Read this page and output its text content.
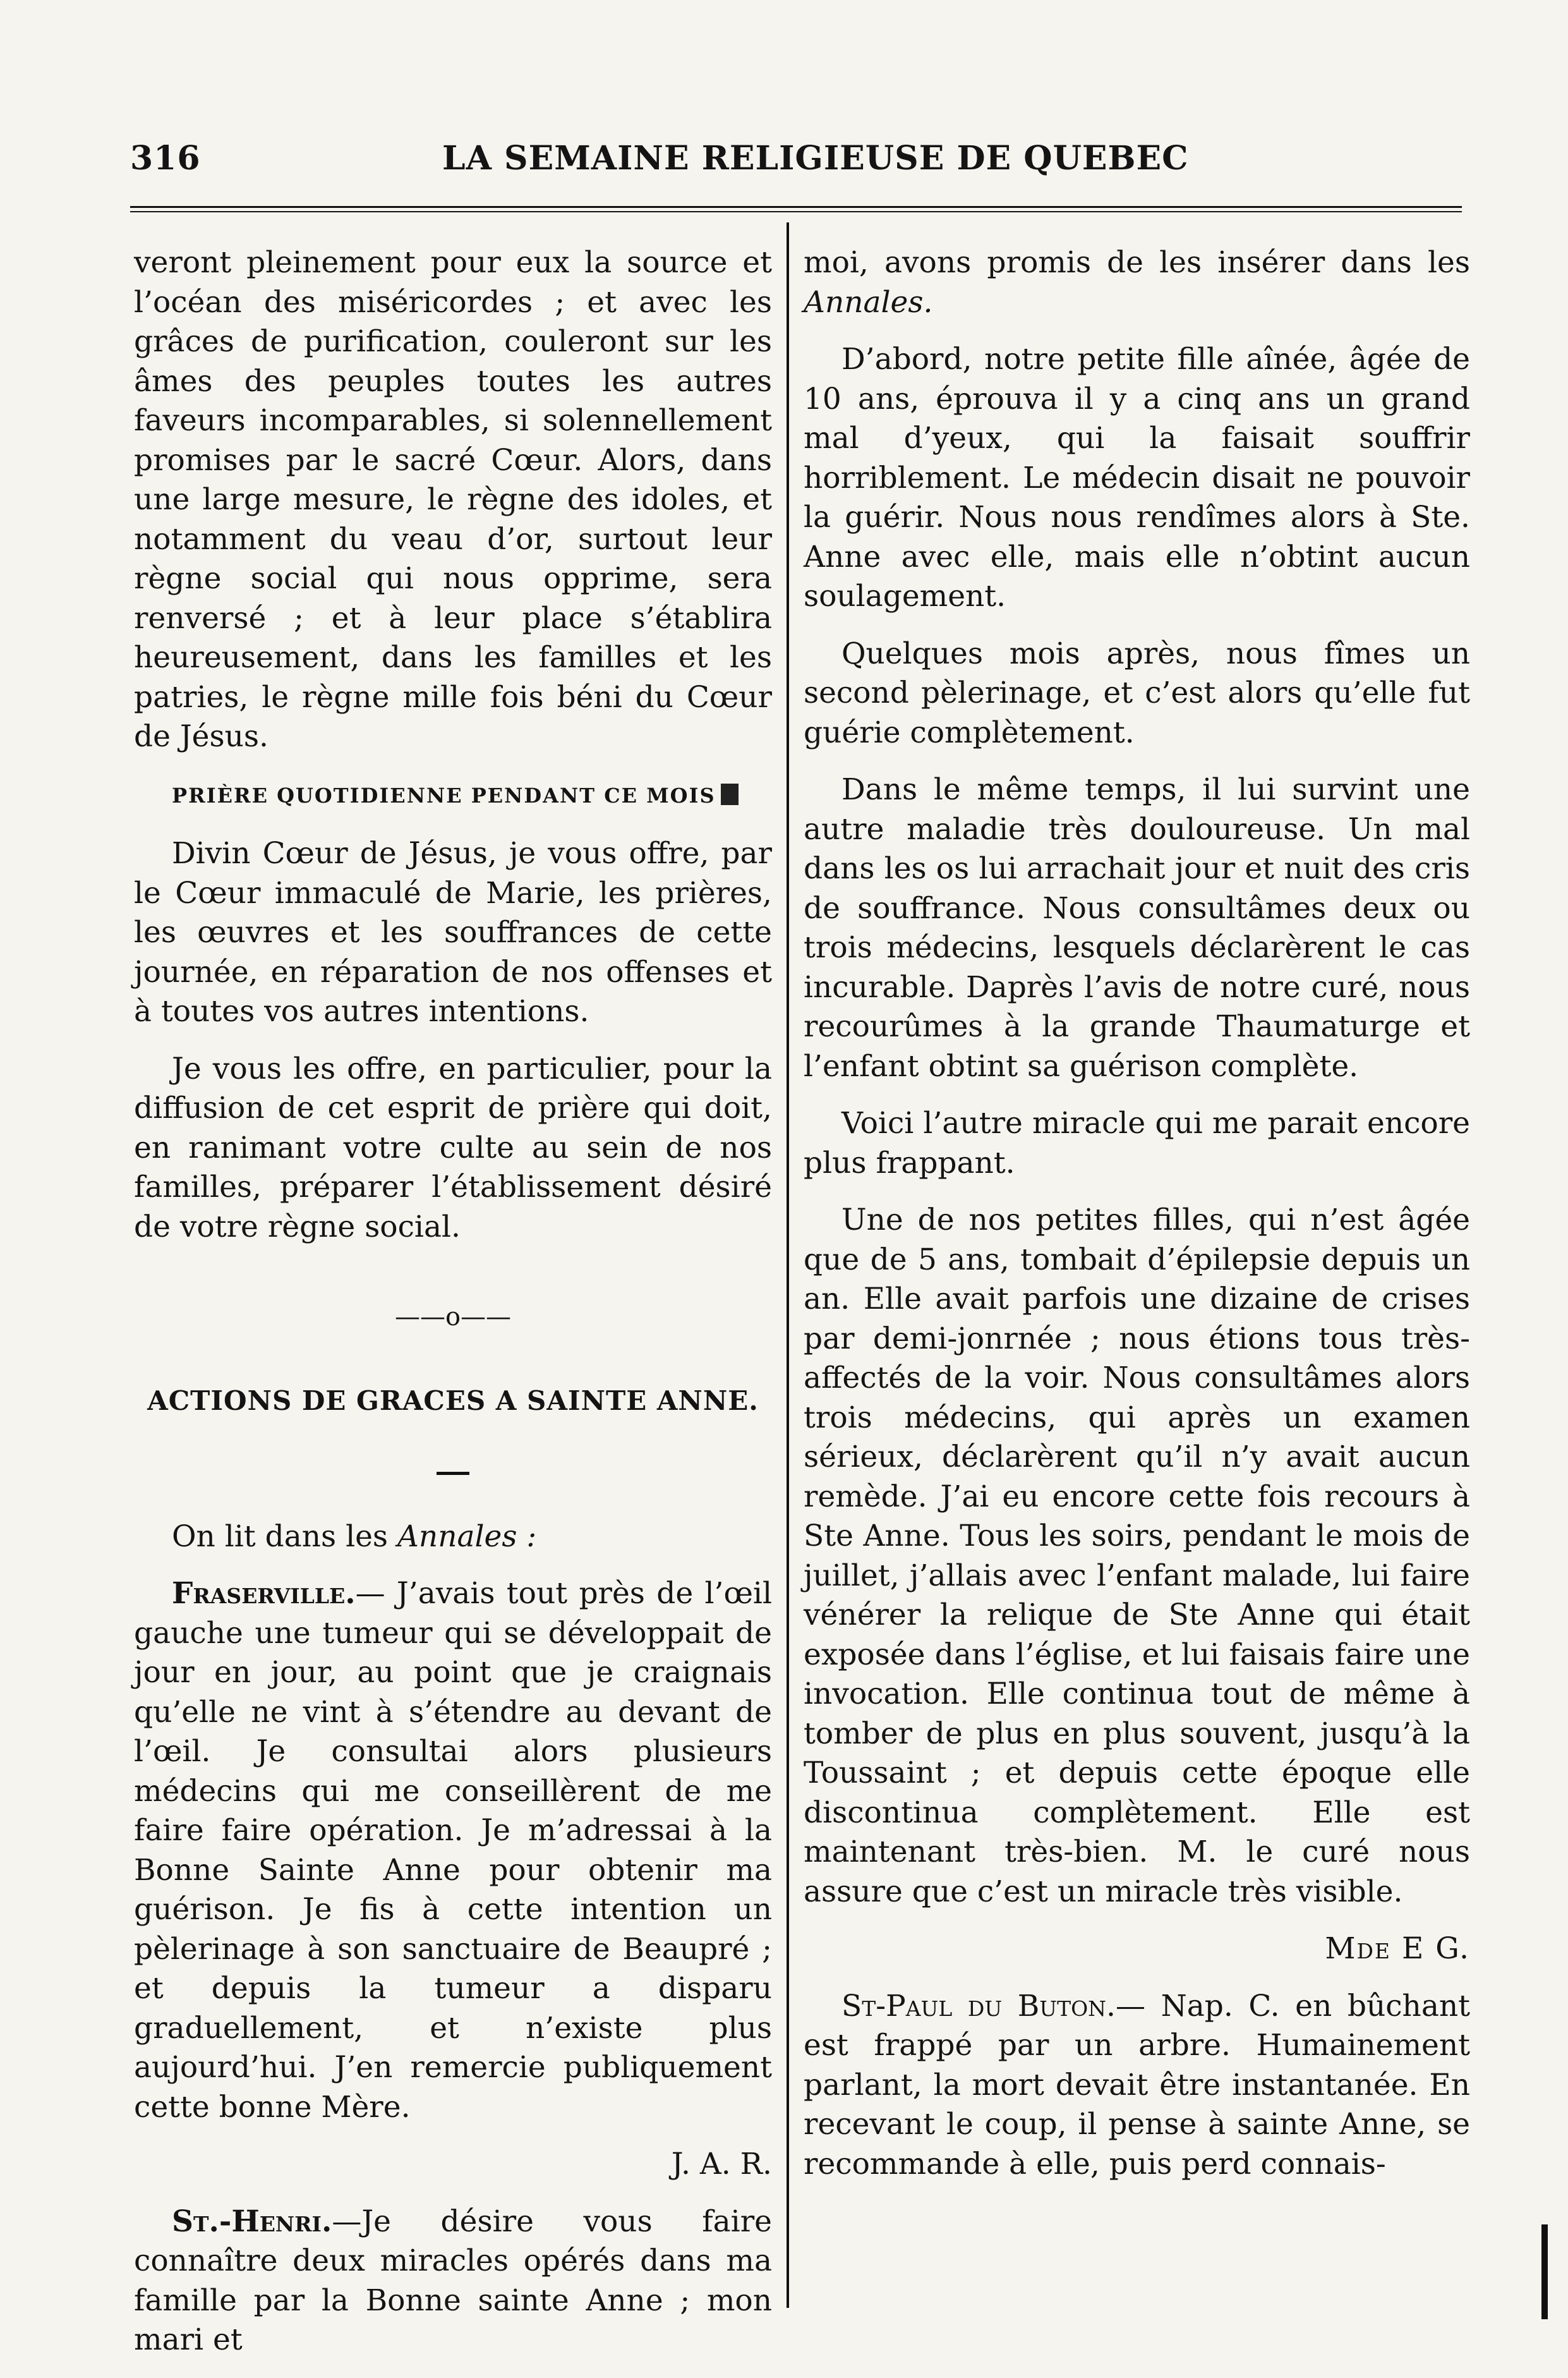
316	LA SEMAINE RELIGIEUSE DE QUEBEC

veront pleinement pour eux la source et l’océan des miséricordes ; et avec les grâces de purification, couleront sur les âmes des peuples toutes les autres faveurs incomparables, si solennellement promises par le sacré Cœur. Alors, dans une large mesure, le règne des idoles, et notamment du veau d’or, surtout leur règne social qui nous opprime, sera renversé ; et à leur place s’établira heureusement, dans les familles et les patries, le règne mille fois béni du Cœur de Jésus.

PRIÈRE QUOTIDIENNE PENDANT CE MOIS

Divin Cœur de Jésus, je vous offre, par le Cœur immaculé de Marie, les prières, les œuvres et les souffrances de cette journée, en réparation de nos offenses et à toutes vos autres intentions.

Je vous les offre, en particulier, pour la diffusion de cet esprit de prière qui doit, en ranimant votre culte au sein de nos familles, préparer l’établissement désiré de votre règne social.

——o——
ACTIONS DE GRACES A SAINTE ANNE.

On lit dans les Annales :

Fraserville.— J’avais tout près de l’œil gauche une tumeur qui se développait de jour en jour, au point que je craignais qu’elle ne vint à s’étendre au devant de l’œil. Je consultai alors plusieurs médecins qui me conseillèrent de me faire faire opération. Je m’adressai à la Bonne Sainte Anne pour obtenir ma guérison. Je fis à cette intention un pèlerinage à son sanctuaire de Beaupré ; et depuis la tumeur a disparu graduellement, et n’existe plus aujourd’hui. J’en remercie publiquement cette bonne Mère.

J. A. R.

St.-Henri.—Je désire vous faire connaître deux miracles opérés dans ma famille par la Bonne sainte Anne ; mon mari et

moi, avons promis de les insérer dans les Annales.

D’abord, notre petite fille aînée, âgée de 10 ans, éprouva il y a cinq ans un grand mal d’yeux, qui la faisait souffrir horriblement. Le médecin disait ne pouvoir la guérir. Nous nous rendîmes alors à Ste. Anne avec elle, mais elle n’obtint aucun soulagement.

Quelques mois après, nous fîmes un second pèlerinage, et c’est alors qu’elle fut guérie complètement.

Dans le même temps, il lui survint une autre maladie très douloureuse. Un mal dans les os lui arrachait jour et nuit des cris de souffrance. Nous consultâmes deux ou trois médecins, lesquels déclarèrent le cas incurable. Daprès l’avis de notre curé, nous recourûmes à la grande Thaumaturge et l’enfant obtint sa guérison complète.

Voici l’autre miracle qui me parait encore plus frappant.

Une de nos petites filles, qui n’est âgée que de 5 ans, tombait d’épilepsie depuis un an. Elle avait parfois une dizaine de crises par demi-jonrnée ; nous étions tous très-affectés de la voir. Nous consultâmes alors trois médecins, qui après un examen sérieux, déclarèrent qu’il n’y avait aucun remède. J’ai eu encore cette fois recours à Ste Anne. Tous les soirs, pendant le mois de juillet, j’allais avec l’enfant malade, lui faire vénérer la relique de Ste Anne qui était exposée dans l’église, et lui faisais faire une invocation. Elle continua tout de même à tomber de plus en plus souvent, jusqu’à la Toussaint ; et depuis cette époque elle discontinua complètement. Elle est maintenant très-bien. M. le curé nous assure que c’est un miracle très visible.

Mde E G.

St-Paul du Buton.— Nap. C. en bûchant est frappé par un arbre. Humainement parlant, la mort devait être instantanée. En recevant le coup, il pense à sainte Anne, se recommande à elle, puis perd connais-
